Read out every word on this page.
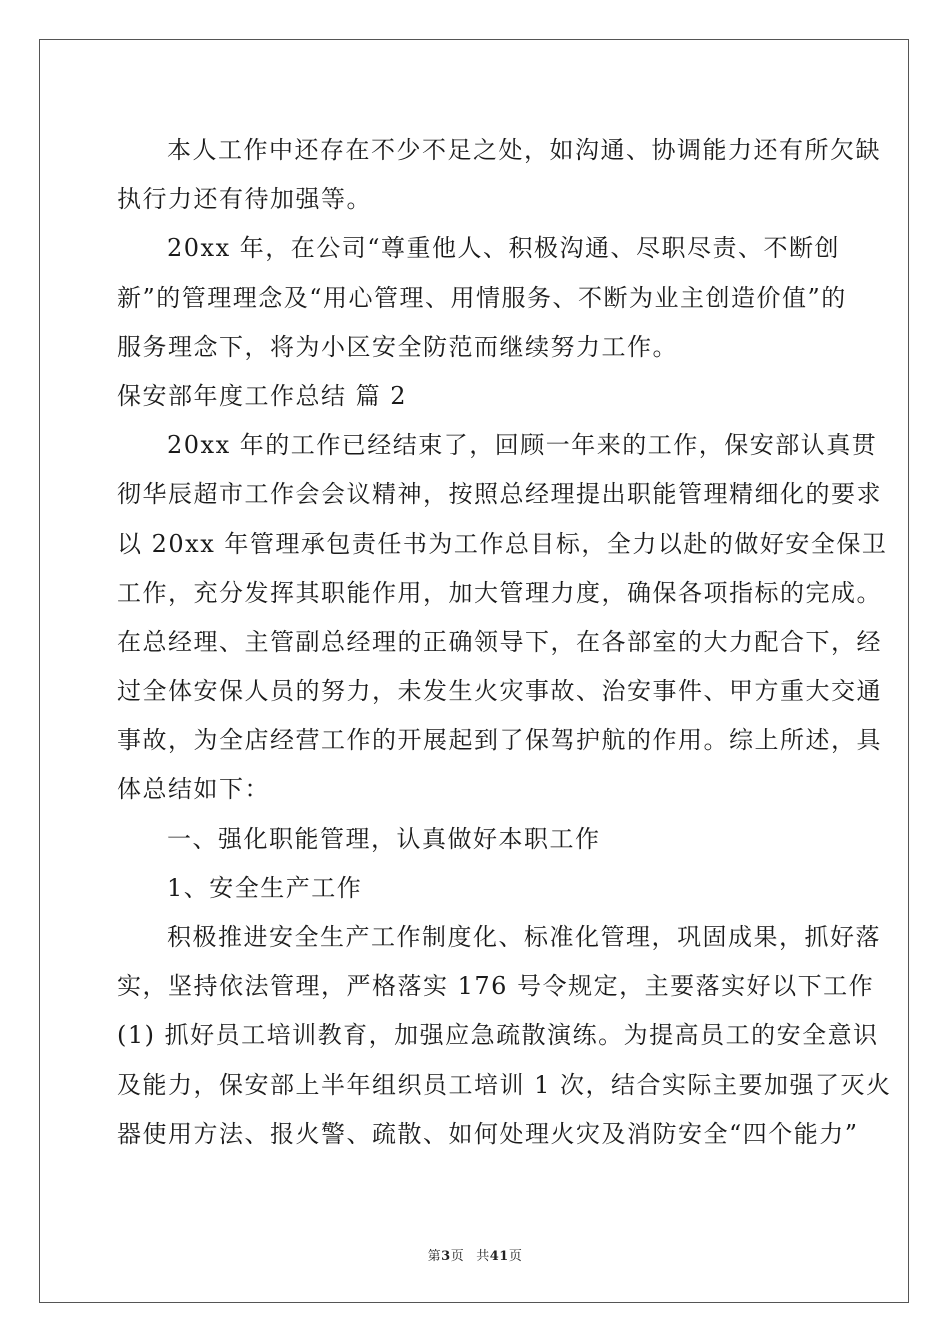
本人工作中还存在不少不足之处，如沟通、协调能力还有所欠缺
执行力还有待加强等。
20xx 年，在公司“尊重他人、积极沟通、尽职尽责、不断创
新”的管理理念及“用心管理、用情服务、不断为业主创造价值”的
服务理念下，将为小区安全防范而继续努力工作。
保安部年度工作总结 篇 2
20xx 年的工作已经结束了，回顾一年来的工作，保安部认真贯
彻华辰超市工作会会议精神，按照总经理提出职能管理精细化的要求
以 20xx 年管理承包责任书为工作总目标，全力以赴的做好安全保卫
工作，充分发挥其职能作用，加大管理力度，确保各项指标的完成。
在总经理、主管副总经理的正确领导下，在各部室的大力配合下，经
过全体安保人员的努力，未发生火灾事故、治安事件、甲方重大交通
事故，为全店经营工作的开展起到了保驾护航的作用。综上所述，具
体总结如下：
一、强化职能管理，认真做好本职工作
1、安全生产工作
积极推进安全生产工作制度化、标准化管理，巩固成果，抓好落
实，坚持依法管理，严格落实 176 号令规定，主要落实好以下工作
(1) 抓好员工培训教育，加强应急疏散演练。为提高员工的安全意识
及能力，保安部上半年组织员工培训 1 次，结合实际主要加强了灭火
器使用方法、报火警、疏散、如何处理火灾及消防安全“四个能力”
第3页 共41页
